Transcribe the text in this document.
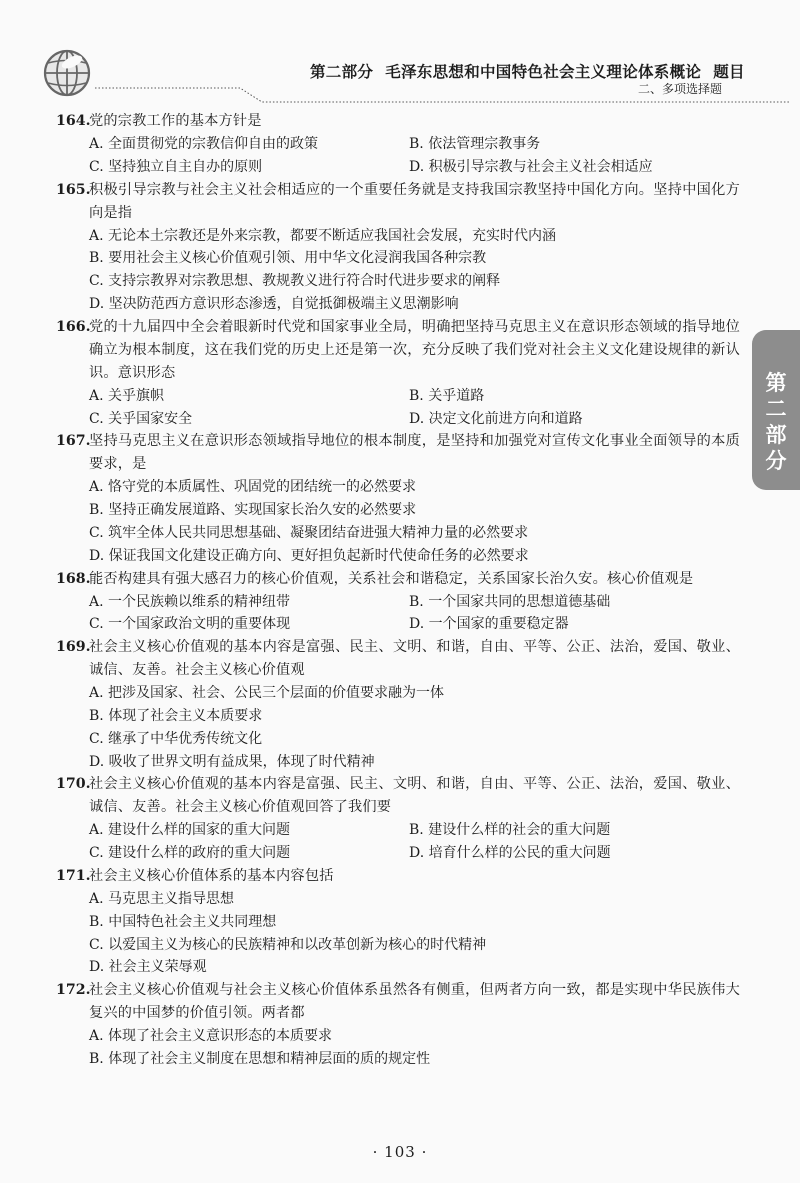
第二部分 毛泽东思想和中国特色社会主义理论体系概论 题目
二、多项选择题
第
二
部
分
164.
党的宗教工作的基本方针是
A. 全面贯彻党的宗教信仰自由的政策	B. 依法管理宗教事务
C. 坚持独立自主自办的原则	D. 积极引导宗教与社会主义社会相适应
165.
积极引导宗教与社会主义社会相适应的一个重要任务就是支持我国宗教坚持中国化方向。坚持中国化方向是指
A. 无论本土宗教还是外来宗教，都要不断适应我国社会发展，充实时代内涵
B. 要用社会主义核心价值观引领、用中华文化浸润我国各种宗教
C. 支持宗教界对宗教思想、教规教义进行符合时代进步要求的阐释
D. 坚决防范西方意识形态渗透，自觉抵御极端主义思潮影响
166.
党的十九届四中全会着眼新时代党和国家事业全局，明确把坚持马克思主义在意识形态领域的指导地位确立为根本制度，这在我们党的历史上还是第一次，充分反映了我们党对社会主义文化建设规律的新认识。意识形态
A. 关乎旗帜	B. 关乎道路
C. 关乎国家安全	D. 决定文化前进方向和道路
167.
坚持马克思主义在意识形态领域指导地位的根本制度，是坚持和加强党对宣传文化事业全面领导的本质要求，是
A. 恪守党的本质属性、巩固党的团结统一的必然要求
B. 坚持正确发展道路、实现国家长治久安的必然要求
C. 筑牢全体人民共同思想基础、凝聚团结奋进强大精神力量的必然要求
D. 保证我国文化建设正确方向、更好担负起新时代使命任务的必然要求
168.
能否构建具有强大感召力的核心价值观，关系社会和谐稳定，关系国家长治久安。核心价值观是
A. 一个民族赖以维系的精神纽带	B. 一个国家共同的思想道德基础
C. 一个国家政治文明的重要体现	D. 一个国家的重要稳定器
169.
社会主义核心价值观的基本内容是富强、民主、文明、和谐，自由、平等、公正、法治，爱国、敬业、诚信、友善。社会主义核心价值观
A. 把涉及国家、社会、公民三个层面的价值要求融为一体
B. 体现了社会主义本质要求
C. 继承了中华优秀传统文化
D. 吸收了世界文明有益成果，体现了时代精神
170.
社会主义核心价值观的基本内容是富强、民主、文明、和谐，自由、平等、公正、法治，爱国、敬业、诚信、友善。社会主义核心价值观回答了我们要
A. 建设什么样的国家的重大问题	B. 建设什么样的社会的重大问题
C. 建设什么样的政府的重大问题	D. 培育什么样的公民的重大问题
171.
社会主义核心价值体系的基本内容包括
A. 马克思主义指导思想
B. 中国特色社会主义共同理想
C. 以爱国主义为核心的民族精神和以改革创新为核心的时代精神
D. 社会主义荣辱观
172.
社会主义核心价值观与社会主义核心价值体系虽然各有侧重，但两者方向一致，都是实现中华民族伟大复兴的中国梦的价值引领。两者都
A. 体现了社会主义意识形态的本质要求
B. 体现了社会主义制度在思想和精神层面的质的规定性
· 103 ·
